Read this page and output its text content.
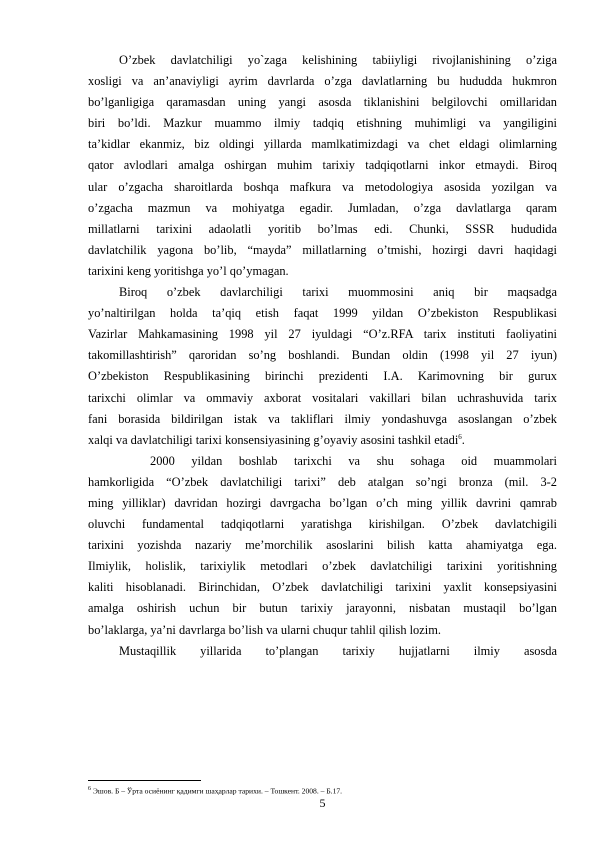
O’zbek davlatchiligi yo`zaga kelishining tabiiyligi rivojlanishining o’ziga
xosligi va an’anaviyligi ayrim davrlarda o’zga davlatlarning bu hududda hukmron
bo’lganligiga qaramasdan uning yangi asosda tiklanishini belgilovchi omillaridan
biri bo’ldi. Mazkur muammo ilmiy tadqiq etishning muhimligi va yangiligini
ta’kidlar ekanmiz, biz oldingi yillarda mamlkatimizdagi va chet eldagi olimlarning
qator avlodlari amalga oshirgan muhim tarixiy tadqiqotlarni inkor etmaydi. Biroq
ular o’zgacha sharoitlarda boshqa mafkura va metodologiya asosida yozilgan va
o’zgacha mazmun va mohiyatga egadir. Jumladan, o’zga davlatlarga qaram
millatlarni tarixini adaolatli yoritib bo’lmas edi. Chunki, SSSR hududida
davlatchilik yagona bo’lib, “mayda” millatlarning o’tmishi, hozirgi davri haqidagi
tarixini keng yoritishga yo’l qo’ymagan.
Biroq o’zbek davlarchiligi tarixi muommosini aniq bir maqsadga
yo’naltirilgan holda ta’qiq etish faqat 1999 yildan O’zbekiston Respublikasi
Vazirlar Mahkamasining 1998 yil 27 iyuldagi “O’z.RFA tarix instituti faoliyatini
takomillashtirish” qaroridan so’ng boshlandi. Bundan oldin (1998 yil 27 iyun)
O’zbekiston Respublikasining birinchi prezidenti I.A. Karimovning bir gurux
tarixchi olimlar va ommaviy axborat vositalari vakillari bilan uchrashuvida tarix
fani borasida bildirilgan istak va takliflari ilmiy yondashuvga asoslangan o’zbek
xalqi va davlatchiligi tarixi konsensiyasining g’oyaviy asosini tashkil etadi$^6$.
2000 yildan boshlab tarixchi va shu sohaga oid muammolari
hamkorligida “O’zbek davlatchiligi tarixi” deb atalgan so’ngi bronza (mil. 3-2
ming yilliklar) davridan hozirgi davrgacha bo’lgan o’ch ming yillik davrini qamrab
oluvchi fundamental tadqiqotlarni yaratishga kirishilgan. O’zbek davlatchigili
tarixini yozishda nazariy me’morchilik asoslarini bilish katta ahamiyatga ega.
Ilmiylik, holislik, tarixiylik metodlari o’zbek davlatchiligi tarixini yoritishning
kaliti hisoblanadi. Birinchidan, O’zbek davlatchiligi tarixini yaxlit konsepsiyasini
amalga oshirish uchun bir butun tarixiy jarayonni, nisbatan mustaqil bo’lgan
bo’laklarga, ya’ni davrlarga bo’lish va ularni chuqur tahlil qilish lozim.
Mustaqillik yillarida to’plangan tarixiy hujjatlarni ilmiy asosda
$^6$ Эшов. Б – Ўрта осиёнинг қадимги шаҳарлар тарихи. – Тошкент. 2008. – Б.17.
5
